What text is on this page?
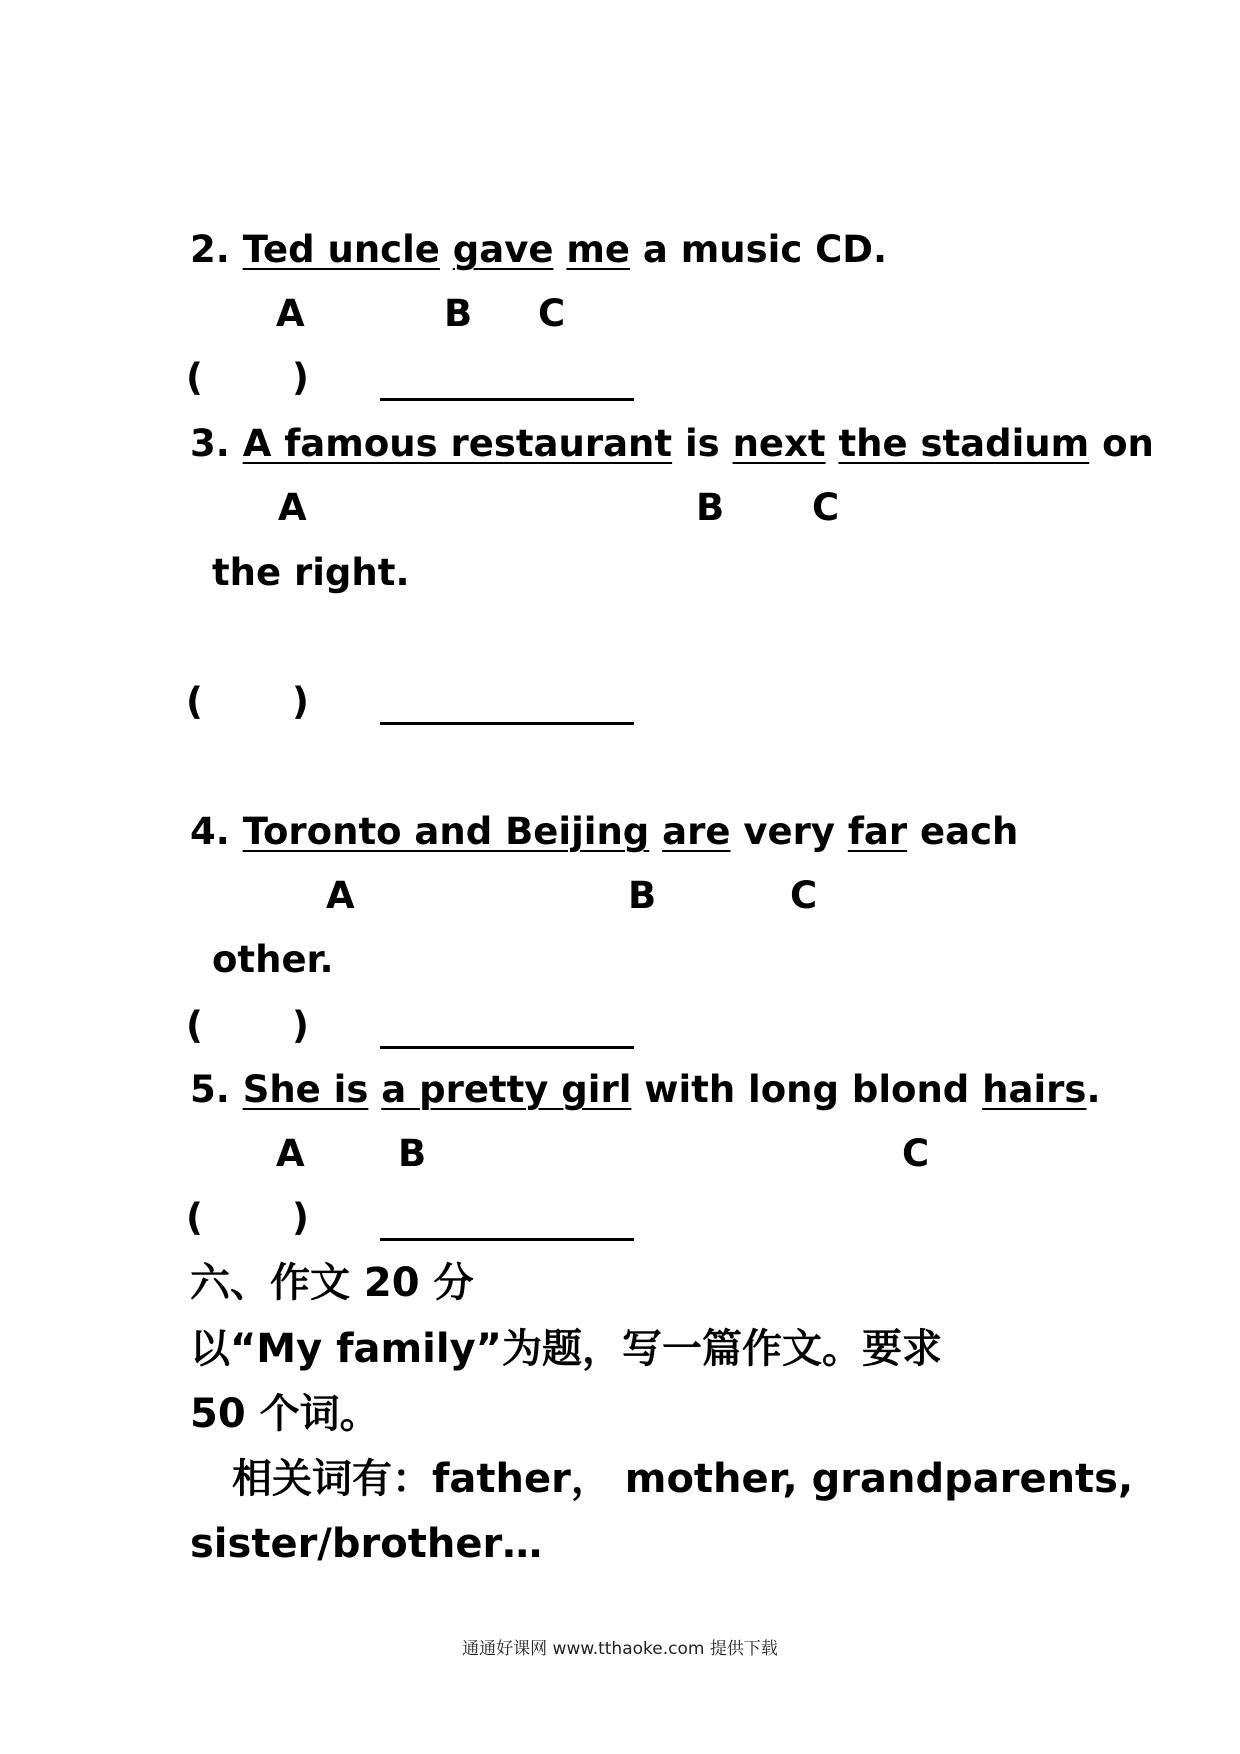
2. Ted uncle gave me a music CD.
A	B C
( )
3. A famous restaurant is next the stadium on
A	B C
the right.
( )
4. Toronto and Beijing are very far each
A	B	C
other.
( )
5. She is a pretty girl with long blond hairs.
A	B	C
( )
六、作文 20 分
以“My family”为题，写一篇作文。要求
50 个词。
相关词有：father， mother, grandparents,
sister/brother…
通通好课网 www.tthaoke.com 提供下载
